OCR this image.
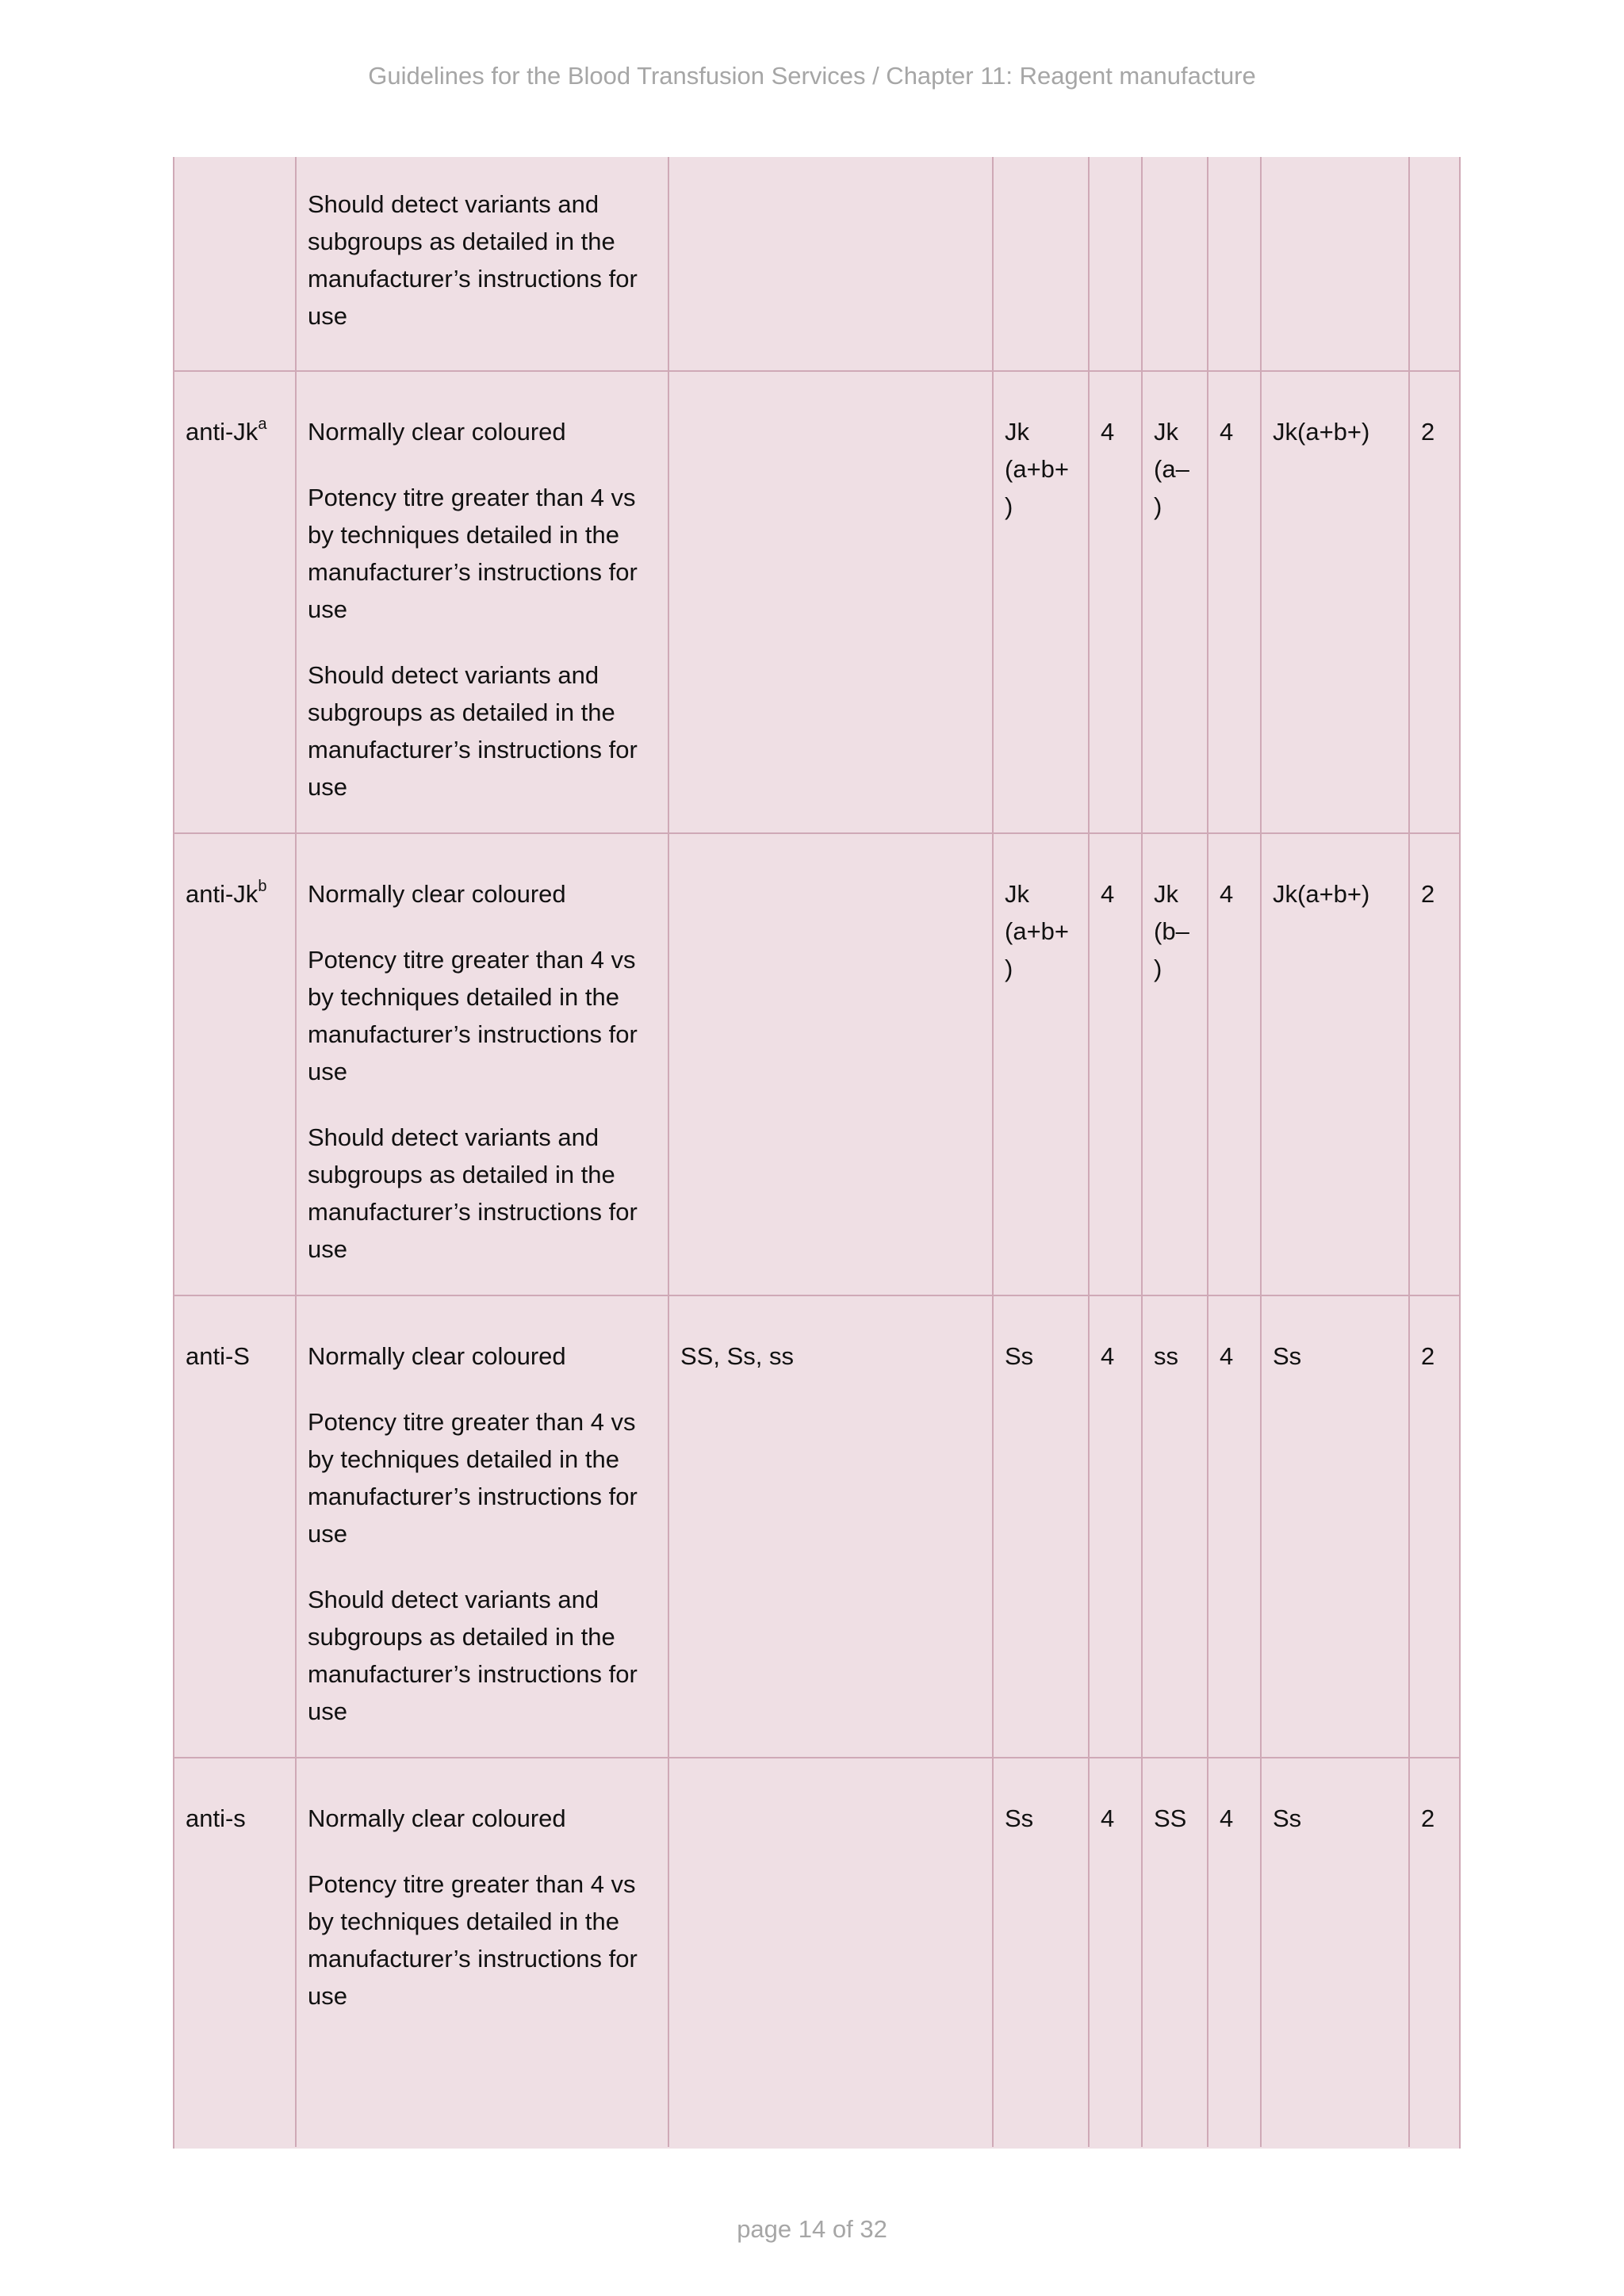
Guidelines for the Blood Transfusion Services / Chapter 11: Reagent manufacture

	Should detect variants and subgroups as detailed in the manufacturer’s instructions for use							

anti-Jk$^a$	Normally clear coloured
Potency titre greater than 4 vs by techniques detailed in the manufacturer’s instructions for use
Should detect variants and subgroups as detailed in the manufacturer’s instructions for use		Jk (a+b+)	4	Jk (a–)	4	Jk(a+b+)	2
anti-Jk$^b$	Normally clear coloured
Potency titre greater than 4 vs by techniques detailed in the manufacturer’s instructions for use
Should detect variants and subgroups as detailed in the manufacturer’s instructions for use		Jk (a+b+)	4	Jk (b–)	4	Jk(a+b+)	2
anti-S	Normally clear coloured
Potency titre greater than 4 vs by techniques detailed in the manufacturer’s instructions for use
Should detect variants and subgroups as detailed in the manufacturer’s instructions for use	SS, Ss, ss	Ss	4	ss	4	Ss	2
anti-s	Normally clear coloured
Potency titre greater than 4 vs by techniques detailed in the manufacturer’s instructions for use		Ss	4	SS	4	Ss	2
page 14 of 32
